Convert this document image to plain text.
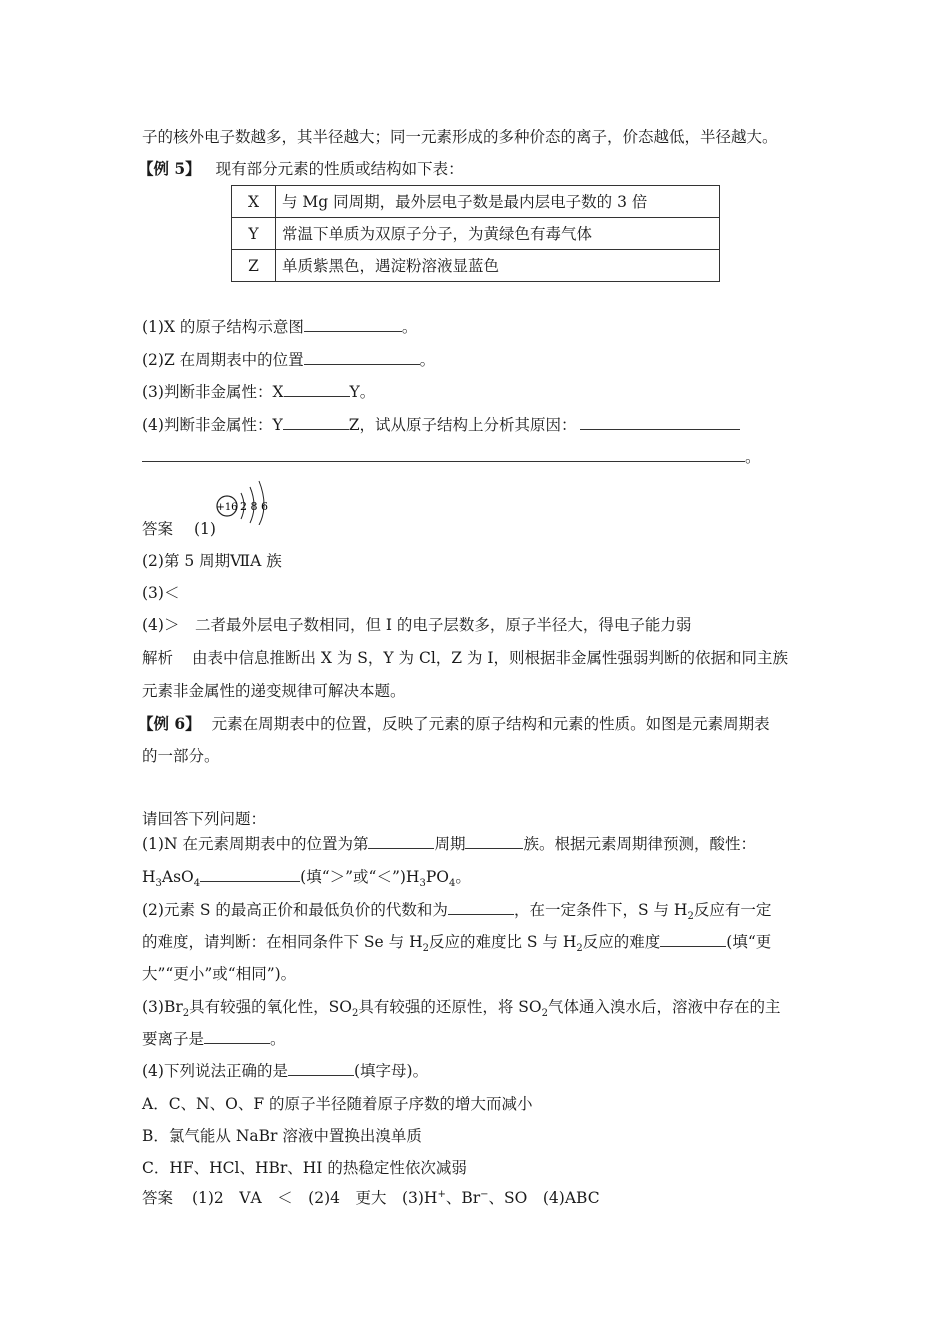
子的核外电子数越多，其半径越大；同一元素形成的多种价态的离子，价态越低，半径越大。
【例 5】 现有部分元素的性质或结构如下表：
X	与 Mg 同周期，最外层电子数是最内层电子数的 3 倍
Y	常温下单质为双原子分子，为黄绿色有毒气体
Z	单质紫黑色，遇淀粉溶液显蓝色
(1)X 的原子结构示意图	。
(2)Z 在周期表中的位置	。
(3)判断非金属性：X	Y。
(4)判断非金属性：Y	Z，试从原子结构上分析其原因：
。
+16 2 8 6
答案 (1)
(2)第 5 周期ⅦA 族
(3)＜
(4)＞　二者最外层电子数相同，但 I 的电子层数多，原子半径大，得电子能力弱
解析 由表中信息推断出 X 为 S，Y 为 Cl，Z 为 I，则根据非金属性强弱判断的依据和同主族
元素非金属性的递变规律可解决本题。
【例 6】 元素在周期表中的位置，反映了元素的原子结构和元素的性质。如图是元素周期表
的一部分。
请回答下列问题：
(1)N 在元素周期表中的位置为第	周期	族。根据元素周期律预测，酸性：
$H_3AsO_4$	(填“＞”或“$<”)H_3PO_4$。
(2)元素 S 的最高正价和最低负价的代数和为	，在一定条件下，S 与 $H_2$反应有一定
的难度，请判断：在相同条件下 Se 与 $H_2$反应的难度比 S 与 $H_2$反应的难度	(填“更
大”“更小”或“相同”)。
$(3)Br_2$具有较强的氧化性，$SO_2$具有较强的还原性，将 $SO_2$气体通入溴水后，溶液中存在的主
要离子是	。
(4)下列说法正确的是	(填字母)。
A．C、N、O、F 的原子半径随着原子序数的增大而减小
B．氯气能从 NaBr 溶液中置换出溴单质
C．HF、HCl、HBr、HI 的热稳定性依次减弱
答案 (1)2　ⅤA　＜　(2)4　更大　(3)H+、Br−、SO　(4)ABC
